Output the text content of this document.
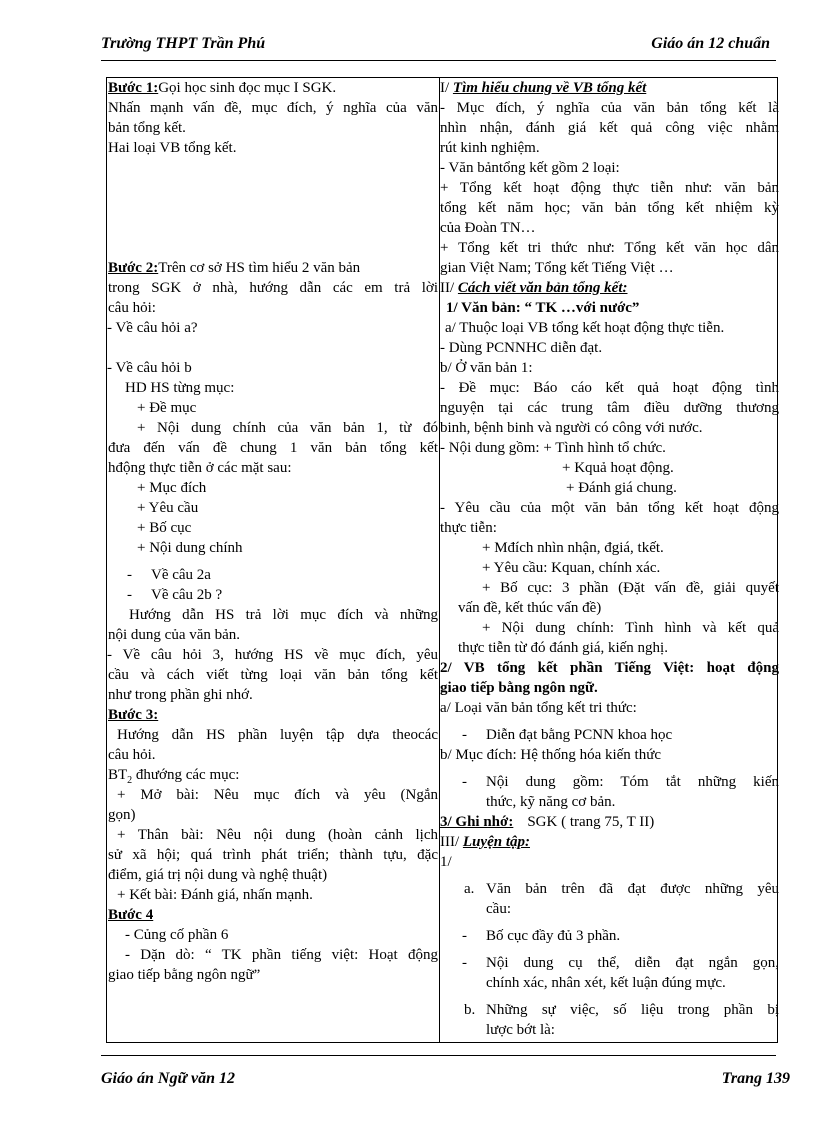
Trường THPT Trần Phú	Giáo án 12 chuẩn
Bước 1:Gọi học sinh đọc mục I SGK.
Nhấn mạnh vấn đề, mục đích, ý nghĩa của văn
bản tổng kết.
Hai loại VB tổng kết.
Bước 2:Trên cơ sở HS tìm hiểu 2 văn bản
trong SGK ở nhà, hướng dẫn các em trả lời
câu hỏi:
- Về câu hỏi a?
- Về câu hỏi b
HD HS từng mục:
+ Đề mục
+ Nội dung chính của văn bản 1, từ đó
đưa đến vấn đề chung 1 văn bản tổng kết
hđộng thực tiễn ở các mặt sau:
+ Mục đích
+ Yêu cầu
+ Bố cục
+ Nội dung chính
-	Về câu 2a
-	Về câu 2b ?
Hướng dẫn HS trả lời mục đích và những
nội dung của văn bản.
- Về câu hỏi 3, hướng HS về mục đích, yêu
cầu và cách viết từng loại văn bản tổng kết
như trong phần ghi nhớ.
Bước 3:
Hướng dẫn HS phần luyện tập dựa theocác
câu hỏi.
$BT_2$ đhướng các mục:
+ Mở bài: Nêu mục đích và yêu (Ngắn
gọn)
+ Thân bài: Nêu nội dung (hoàn cảnh lịch
sử xã hội; quá trình phát triển; thành tựu, đặc
điểm, giá trị nội dung và nghệ thuật)
+ Kết bài: Đánh giá, nhấn mạnh.
Bước 4
- Củng cố phần 6
- Dặn dò: “ TK phần tiếng việt: Hoạt động
giao tiếp bằng ngôn ngữ”
I/ Tìm hiểu chung về VB tổng kết
- Mục đích, ý nghĩa của văn bản tổng kết là
nhìn nhận, đánh giá kết quả công việc nhằm
rút kinh nghiệm.
- Văn bảntổng kết gồm 2 loại:
+ Tổng kết hoạt động thực tiễn như: văn bản
tổng kết năm học; văn bản tổng kết nhiệm kỳ
của Đoàn TN…
+ Tổng kết tri thức như: Tổng kết văn học dân
gian Việt Nam; Tổng kết Tiếng Việt …
II/ Cách viết văn bản tổng kết:
1/ Văn bản: “ TK …với nước”
a/ Thuộc loại VB tổng kết hoạt động thực tiễn.
- Dùng PCNNHC diễn đạt.
b/ Ở văn bản 1:
- Đề mục: Báo cáo kết quả hoạt động tình
nguyện tại các trung tâm điều dưỡng thương
binh, bệnh binh và người có công với nước.
- Nội dung gồm: + Tình hình tổ chức.
+ Kquả hoạt động.
+ Đánh giá chung.
- Yêu cầu của một văn bản tổng kết hoạt động
thực tiễn:
+ Mđích nhìn nhận, đgiá, tkết.
+ Yêu cầu: Kquan, chính xác.
+ Bố cục: 3 phần (Đặt vấn đề, giải quyết
vấn đề, kết thúc vấn đề)
+ Nội dung chính: Tình hình và kết quả
thực tiễn từ đó đánh giá, kiến nghị.
2/ VB tổng kết phần Tiếng Việt: hoạt động
giao tiếp bằng ngôn ngữ.
a/ Loại văn bản tổng kết tri thức:
-	Diễn đạt bằng PCNN khoa học
b/ Mục đích: Hệ thống hóa kiến thức
-	Nội dung gồm: Tóm tắt những kiến
thức, kỹ năng cơ bản.
3/ Ghi nhớ: SGK ( trang 75, T II)
III/ Luyện tập:
1/
a. Văn bản trên đã đạt được những yêu
cầu:
-	Bố cục đầy đủ 3 phần.
-	Nội dung cụ thể, diễn đạt ngắn gọn,
chính xác, nhân xét, kết luận đúng mực.
b. Những sự việc, số liệu trong phần bị
lược bớt là:
Giáo án Ngữ văn 12	Trang 139
